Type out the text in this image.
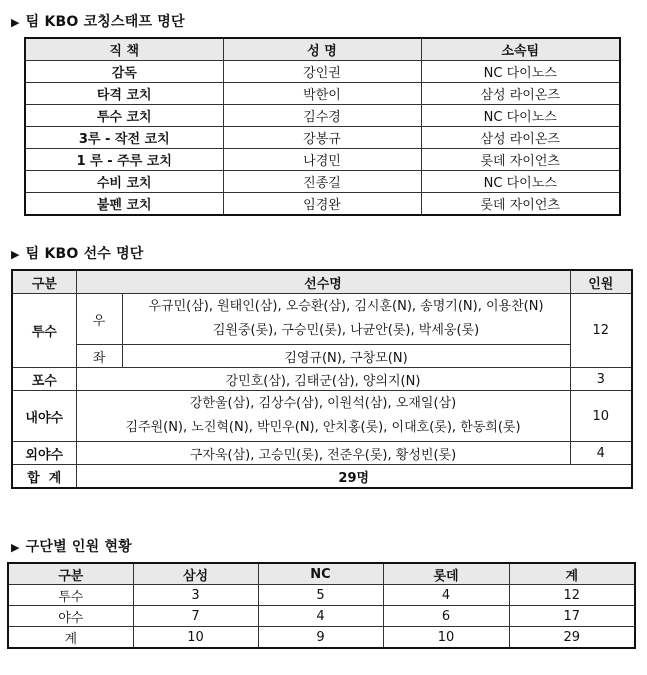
▶ 팀 KBO 코칭스태프 명단
직 책	성 명	소속팀
감독	강인권	NC 다이노스
타격 코치	박한이	삼성 라이온즈
투수 코치	김수경	NC 다이노스
3루 - 작전 코치	강봉규	삼성 라이온즈
1 루 - 주루 코치	나경민	롯데 자이언츠
수비 코치	진종길	NC 다이노스
불펜 코치	임경완	롯데 자이언츠
▶ 팀 KBO 선수 명단
구분	선수명		인원
투수	우	우규민(삼), 원태인(삼), 오승환(삼), 김시훈(N), 송명기(N), 이용찬(N)
김원중(롯), 구승민(롯), 나균안(롯), 박세웅(롯)	12
	좌	김영규(N), 구창모(N)	
포수	강민호(삼), 김태군(삼), 양의지(N)		3
내야수	강한울(삼), 김상수(삼), 이원석(삼), 오재일(삼)
김주원(N), 노진혁(N), 박민우(N), 안치홍(롯), 이대호(롯), 한동희(롯)		10
외야수	구자욱(삼), 고승민(롯), 전준우(롯), 황성빈(롯)		4
합  계	29명		
▶ 구단별 인원 현황
구분	삼성	NC	롯데	계
투수	3	5	4	12
야수	7	4	6	17
계	10	9	10	29
